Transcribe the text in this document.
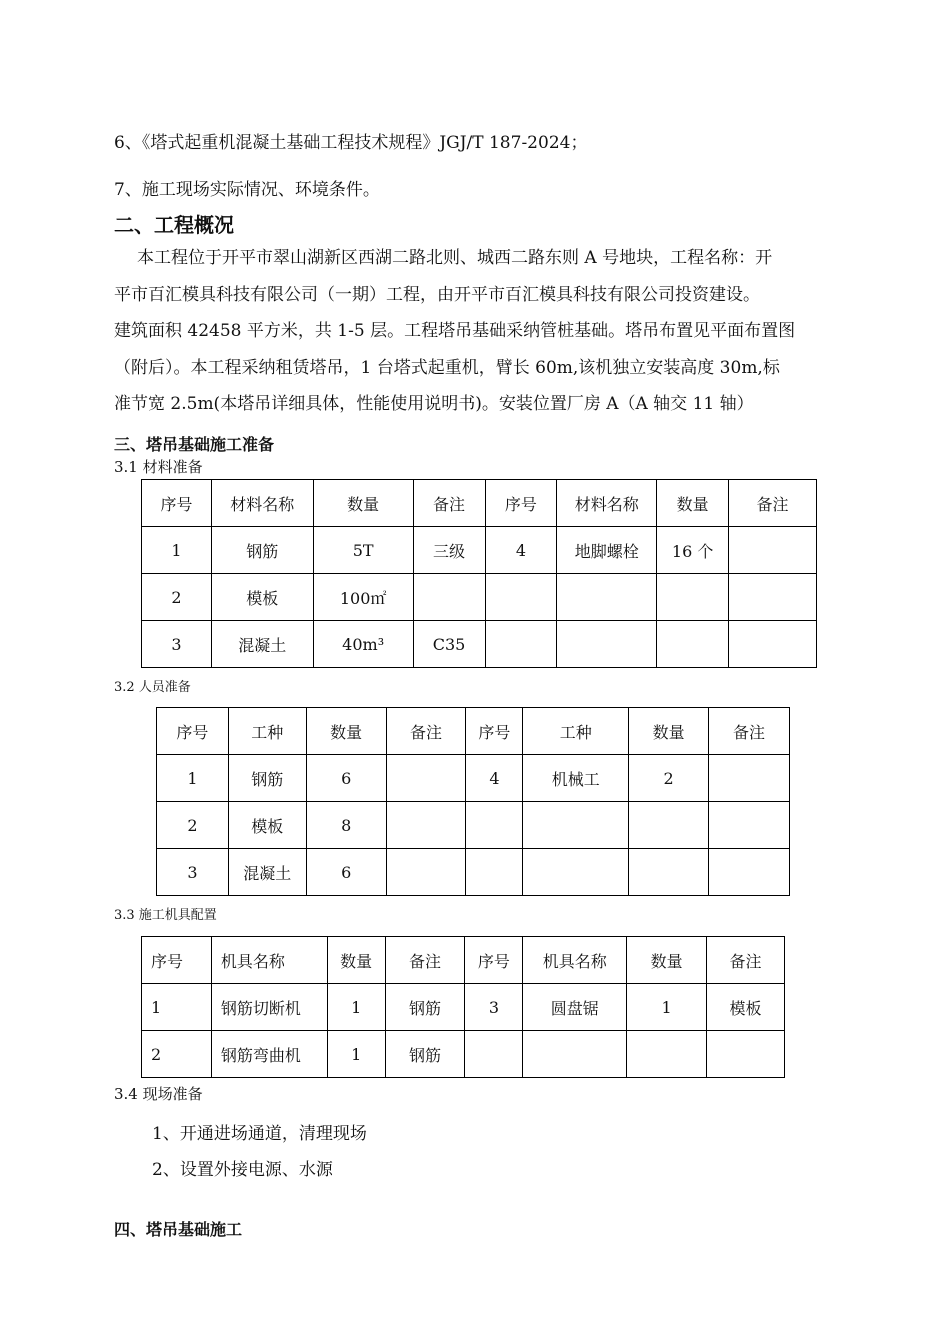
6、《塔式起重机混凝土基础工程技术规程》JGJ/T 187-2024；
7、施工现场实际情况、环境条件。
二、工程概况
本工程位于开平市翠山湖新区西湖二路北则、城西二路东则 A 号地块，工程名称：开
平市百汇模具科技有限公司（一期）工程，由开平市百汇模具科技有限公司投资建设。
建筑面积 42458 平方米，共 1-5 层。工程塔吊基础采纳管桩基础。塔吊布置见平面布置图
（附后）。本工程采纳租赁塔吊，1 台塔式起重机，臂长 60m,该机独立安装高度 30m,标
准节宽 2.5m(本塔吊详细具体，性能使用说明书)。安装位置厂房 A（A 轴交 11 轴）
三、塔吊基础施工准备
3.1 材料准备
序号	材料名称	数量	备注	序号	材料名称	数量	备注
1	钢筋	5T	三级	4	地脚螺栓	16 个	
2	模板	100㎡					
3	混凝土	40m³	C35				
3.2 人员准备
序号	工种	数量	备注	序号	工种	数量	备注
1	钢筋	6		4	机械工	2	
2	模板	8					
3	混凝土	6					
3.3 施工机具配置
序号	机具名称	数量	备注	序号	机具名称	数量	备注
1	钢筋切断机	1	钢筋	3	圆盘锯	1	模板
2	钢筋弯曲机	1	钢筋				
3.4 现场准备
1、开通进场通道，清理现场
2、设置外接电源、水源
四、塔吊基础施工
